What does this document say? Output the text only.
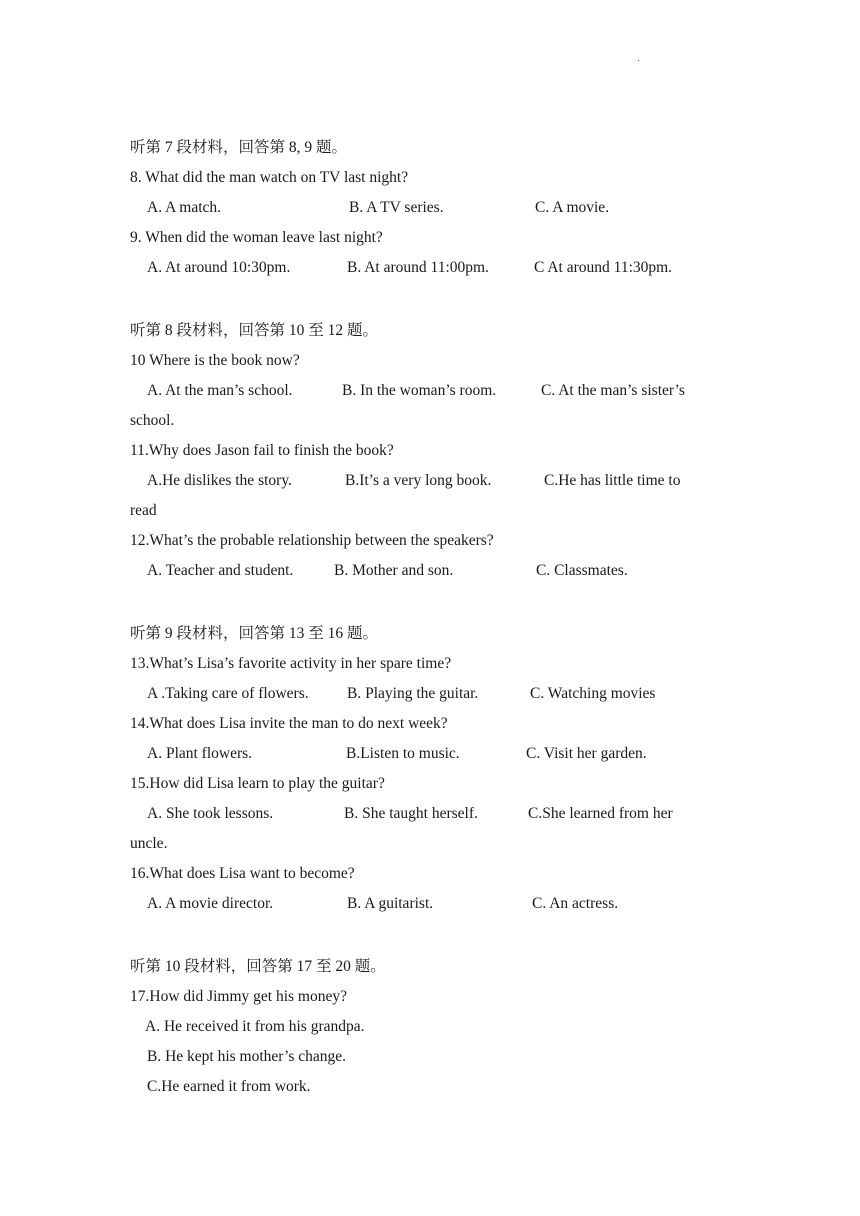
·
听第 7 段材料，回答第 8, 9 题。
8. What did the man watch on TV last night?
A. A match.	B. A TV series.	C. A movie.
9. When did the woman leave last night?
A. At around 10:30pm.	B. At around 11:00pm.	C At around 11:30pm.
听第 8 段材料，回答第 10 至 12 题。
10 Where is the book now?
A. At the man’s school.	B. In the woman’s room.	C. At the man’s sister’s
school.
11.Why does Jason fail to finish the book?
A.He dislikes the story.	B.It’s a very long book.	C.He has little time to
read
12.What’s the probable relationship between the speakers?
A. Teacher and student.	B. Mother and son.	C. Classmates.
听第 9 段材料，回答第 13 至 16 题。
13.What’s Lisa’s favorite activity in her spare time?
A .Taking care of flowers. B. Playing the guitar.	C. Watching movies
14.What does Lisa invite the man to do next week?
A. Plant flowers.	B.Listen to music.	C. Visit her garden.
15.How did Lisa learn to play the guitar?
A. She took lessons.	B. She taught herself.	C.She learned from her
uncle.
16.What does Lisa want to become?
A. A movie director.	B. A guitarist.	C. An actress.
听第 10 段材料，回答第 17 至 20 题。
17.How did Jimmy get his money?
A. He received it from his grandpa.
B. He kept his mother’s change.
C.He earned it from work.
